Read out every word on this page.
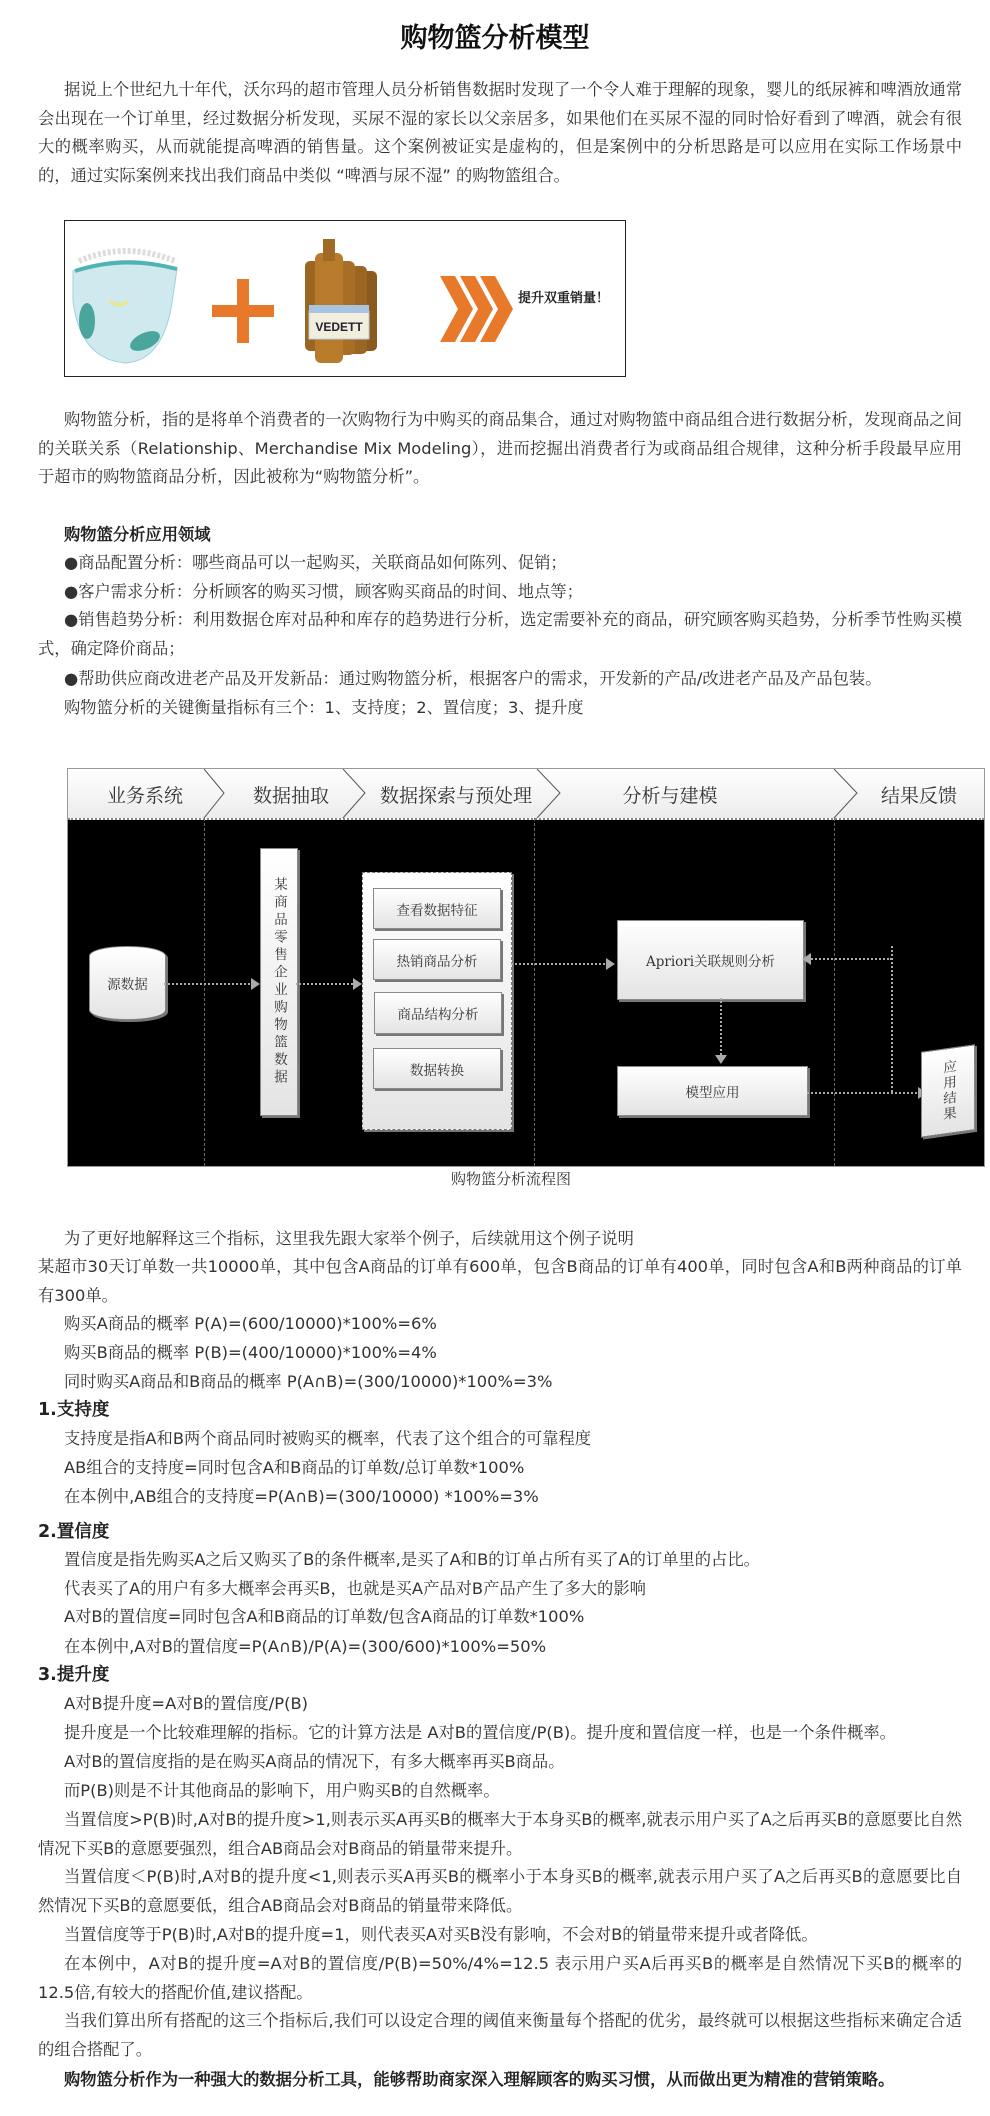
购物篮分析模型

据说上个世纪九十年代，沃尔玛的超市管理人员分析销售数据时发现了一个令人难于理解的现象，婴儿的纸尿裤和啤酒放通常会出现在一个订单里，经过数据分析发现，买尿不湿的家长以父亲居多，如果他们在买尿不湿的同时恰好看到了啤酒，就会有很大的概率购买，从而就能提高啤酒的销售量。这个案例被证实是虚构的，但是案例中的分析思路是可以应用在实际工作场景中的，通过实际案例来找出我们商品中类似 “啤酒与尿不湿” 的购物篮组合。

VEDETT
提升双重销量！

购物篮分析，指的是将单个消费者的一次购物行为中购买的商品集合，通过对购物篮中商品组合进行数据分析，发现商品之间的关联关系（Relationship、Merchandise Mix Modeling），进而挖掘出消费者行为或商品组合规律，这种分析手段最早应用于超市的购物篮商品分析，因此被称为“购物篮分析”。

购物篮分析应用领域

●商品配置分析：哪些商品可以一起购买，关联商品如何陈列、促销；

●客户需求分析：分析顾客的购买习惯，顾客购买商品的时间、地点等；

●销售趋势分析：利用数据仓库对品种和库存的趋势进行分析，选定需要补充的商品，研究顾客购买趋势，分析季节性购买模式，确定降价商品；

●帮助供应商改进老产品及开发新品：通过购物篮分析，根据客户的需求，开发新的产品/改进老产品及产品包装。

购物篮分析的关键衡量指标有三个：1、支持度；2、置信度；3、提升度

业务系统	数据抽取	数据探索与预处理	分析与建模	结果反馈
源数据	某商品零售企业购物篮数据	查看数据特征
热销商品分析
商品结构分析
数据转换
Apriori关联规则分析
模型应用	应用结果
购物篮分析流程图

为了更好地解释这三个指标，这里我先跟大家举个例子，后续就用这个例子说明

某超市30天订单数一共10000单，其中包含A商品的订单有600单，包含B商品的订单有400单，同时包含A和B两种商品的订单有300单。

购买A商品的概率 P(A)=(600/10000)*100%=6%

购买B商品的概率 P(B)=(400/10000)*100%=4%

同时购买A商品和B商品的概率 P(A∩B)=(300/10000)*100%=3%

1.支持度

支持度是指A和B两个商品同时被购买的概率，代表了这个组合的可靠程度

AB组合的支持度=同时包含A和B商品的订单数/总订单数*100%

在本例中,AB组合的支持度=P(A∩B)=(300/10000) *100%=3%

2.置信度

置信度是指先购买A之后又购买了B的条件概率,是买了A和B的订单占所有买了A的订单里的占比。

代表买了A的用户有多大概率会再买B，也就是买A产品对B产品产生了多大的影响

A对B的置信度=同时包含A和B商品的订单数/包含A商品的订单数*100%

在本例中,A对B的置信度=P(A∩B)/P(A)=(300/600)*100%=50%

3.提升度

A对B提升度=A对B的置信度/P(B)

提升度是一个比较难理解的指标。它的计算方法是 A对B的置信度/P(B)。提升度和置信度一样，也是一个条件概率。

A对B的置信度指的是在购买A商品的情况下，有多大概率再买B商品。

而P(B)则是不计其他商品的影响下，用户购买B的自然概率。

当置信度>P(B)时,A对B的提升度>1,则表示买A再买B的概率大于本身买B的概率,就表示用户买了A之后再买B的意愿要比自然情况下买B的意愿要强烈，组合AB商品会对B商品的销量带来提升。

当置信度＜P(B)时,A对B的提升度<1,则表示买A再买B的概率小于本身买B的概率,就表示用户买了A之后再买B的意愿要比自然情况下买B的意愿要低，组合AB商品会对B商品的销量带来降低。

当置信度等于P(B)时,A对B的提升度=1，则代表买A对买B没有影响，不会对B的销量带来提升或者降低。

在本例中，A对B的提升度=A对B的置信度/P(B)=50%/4%=12.5 表示用户买A后再买B的概率是自然情况下买B的概率的12.5倍,有较大的搭配价值,建议搭配。

当我们算出所有搭配的这三个指标后,我们可以设定合理的阈值来衡量每个搭配的优劣，最终就可以根据这些指标来确定合适的组合搭配了。

购物篮分析作为一种强大的数据分析工具，能够帮助商家深入理解顾客的购买习惯，从而做出更为精准的营销策略。
